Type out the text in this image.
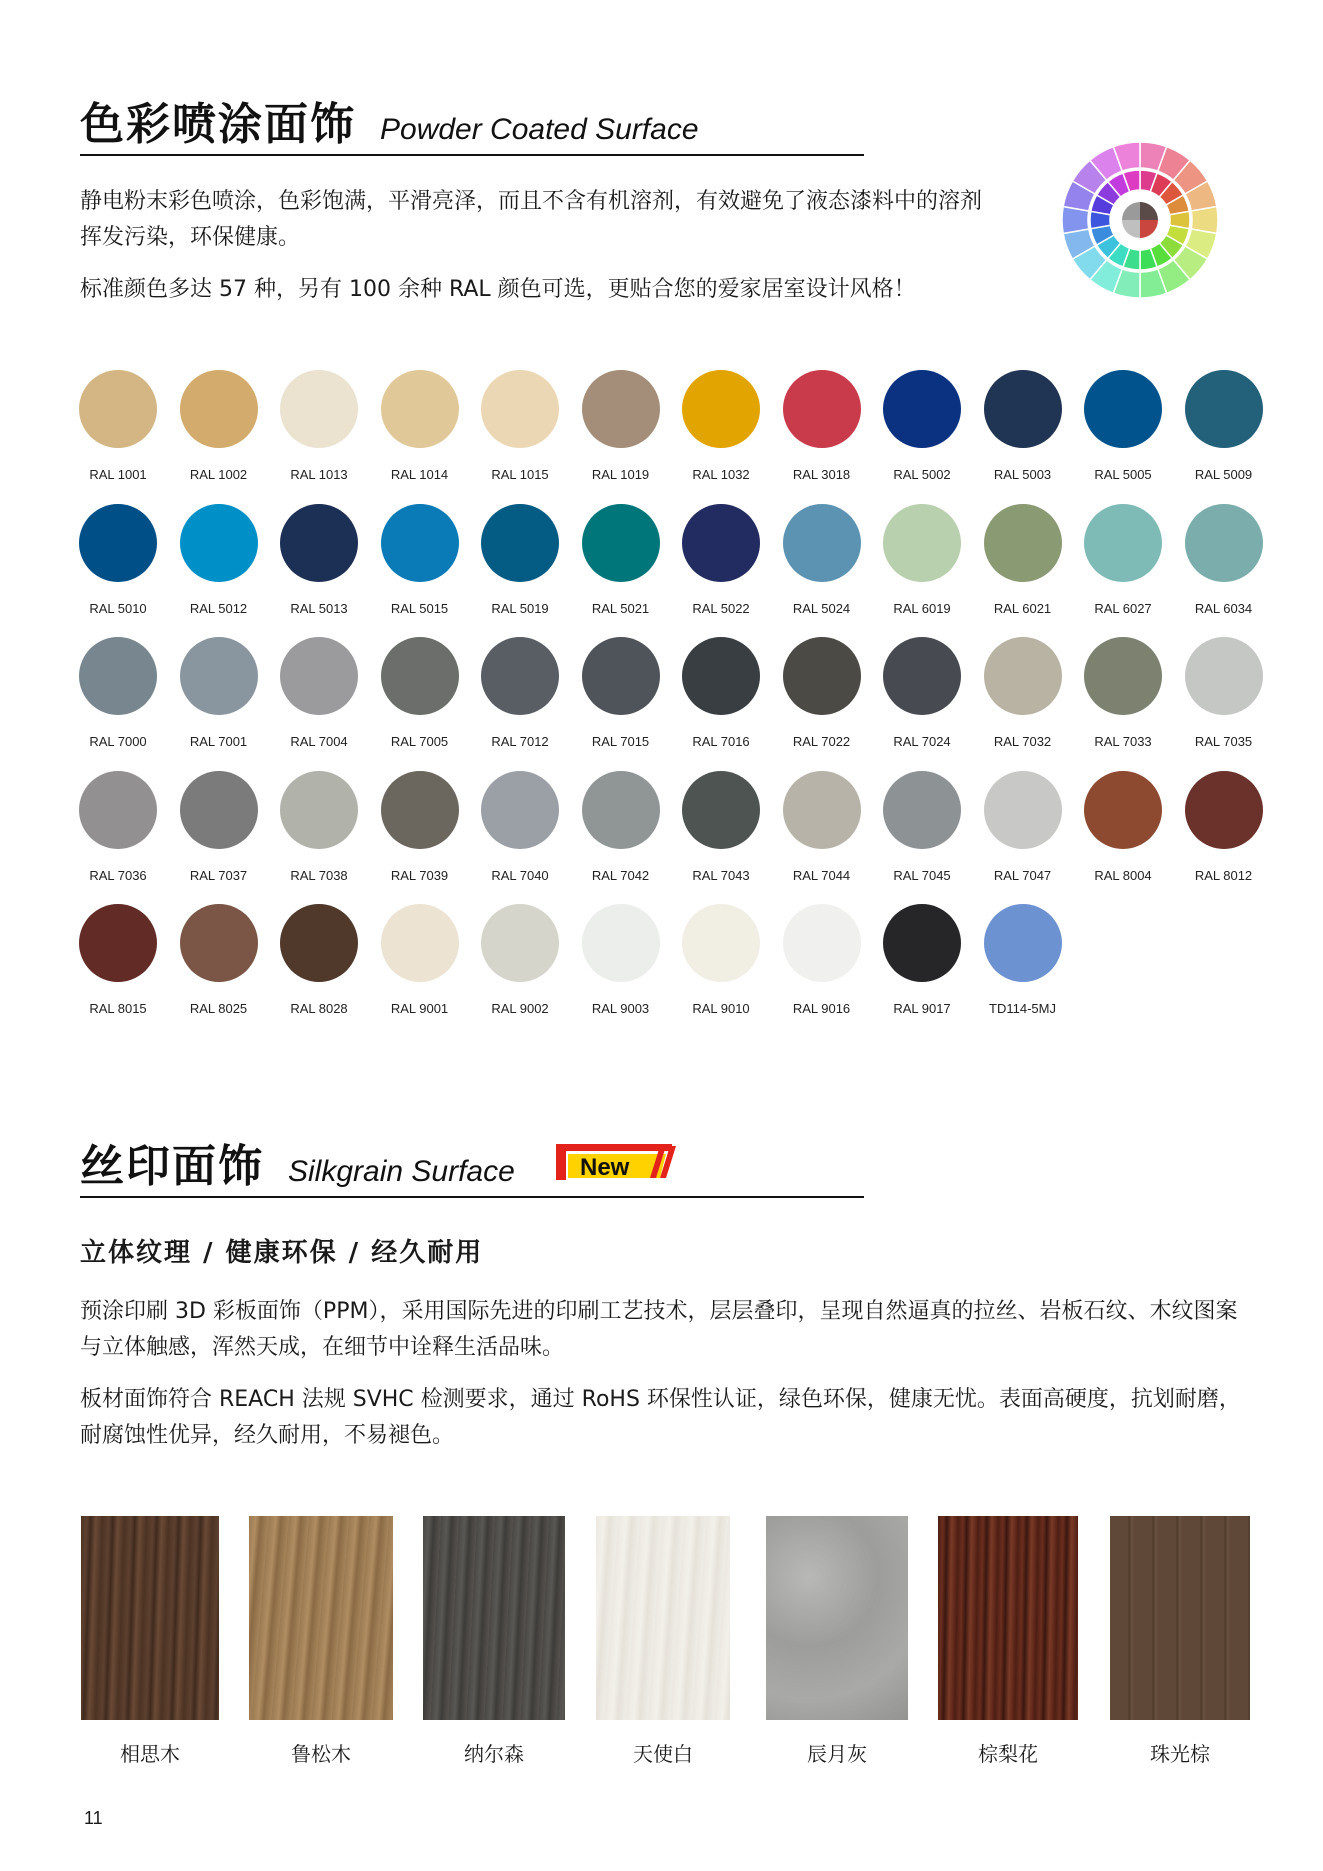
色彩喷涂面饰 Powder Coated Surface

静电粉末彩色喷涂，色彩饱满，平滑亮泽，而且不含有机溶剂，有效避免了液态漆料中的溶剂挥发污染，环保健康。

标准颜色多达 57 种，另有 100 余种 RAL 颜色可选，更贴合您的爱家居室设计风格！

RAL 1001	RAL 1002	RAL 1013	RAL 1014	RAL 1015	RAL 1019	RAL 1032	RAL 3018	RAL 5002	RAL 5003	RAL 5005	RAL 5009
RAL 5010	RAL 5012	RAL 5013	RAL 5015	RAL 5019	RAL 5021	RAL 5022	RAL 5024	RAL 6019	RAL 6021	RAL 6027	RAL 6034
RAL 7000	RAL 7001	RAL 7004	RAL 7005	RAL 7012	RAL 7015	RAL 7016	RAL 7022	RAL 7024	RAL 7032	RAL 7033	RAL 7035
RAL 7036	RAL 7037	RAL 7038	RAL 7039	RAL 7040	RAL 7042	RAL 7043	RAL 7044	RAL 7045	RAL 7047	RAL 8004	RAL 8012
RAL 8015	RAL 8025	RAL 8028	RAL 9001	RAL 9002	RAL 9003	RAL 9010	RAL 9016	RAL 9017	TD114-5MJ
丝印面饰 Silkgrain Surface	New
立体纹理 / 健康环保 / 经久耐用

预涂印刷 3D 彩板面饰（PPM），采用国际先进的印刷工艺技术，层层叠印，呈现自然逼真的拉丝、岩板石纹、木纹图案与立体触感，浑然天成，在细节中诠释生活品味。

板材面饰符合 REACH 法规 SVHC 检测要求，通过 RoHS 环保性认证，绿色环保，健康无忧。表面高硬度，抗划耐磨，耐腐蚀性优异，经久耐用，不易褪色。

相思木	鲁松木	纳尔森	天使白	辰月灰	棕梨花	珠光棕
11
